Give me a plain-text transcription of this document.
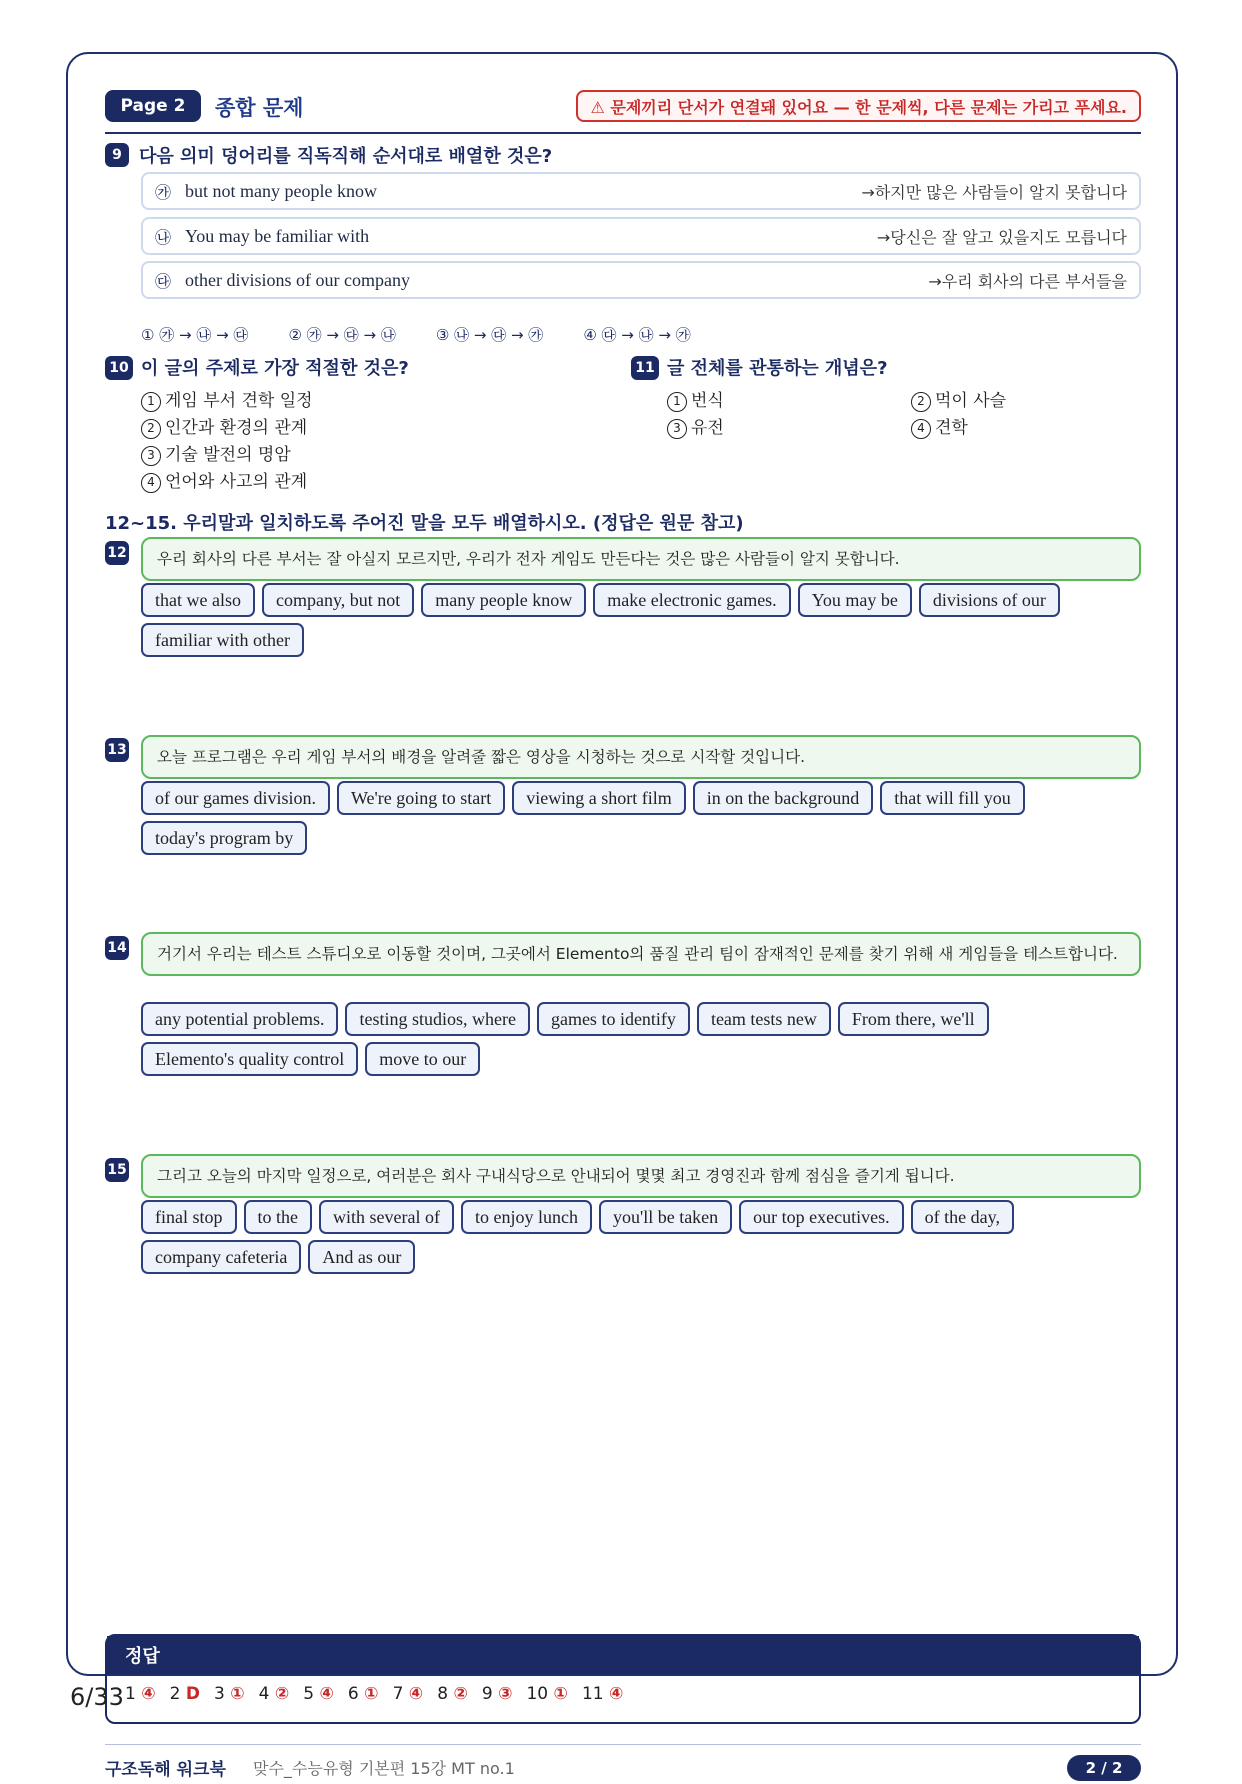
Page 2	종합 문제	⚠ 문제끼리 단서가 연결돼 있어요 — 한 문제씩, 다른 문제는 가리고 푸세요.
9 다음 의미 덩어리를 직독직해 순서대로 배열한 것은?
㉮ but not many people know	→하지만 많은 사람들이 알지 못합니다
㉯ You may be familiar with	→당신은 잘 알고 있을지도 모릅니다
㉰ other divisions of our company	→우리 회사의 다른 부서들을
① ㉮ → ㉯ → ㉰	② ㉮ → ㉰ → ㉯	③ ㉯ → ㉰ → ㉮	④ ㉰ → ㉯ → ㉮
10 이 글의 주제로 가장 적절한 것은?
1 게임 부서 견학 일정
2 인간과 환경의 관계
3 기술 발전의 명암
4 언어와 사고의 관계
11 글 전체를 관통하는 개념은?
1 번식	2 먹이 사슬
3 유전	4 견학
12~15. 우리말과 일치하도록 주어진 말을 모두 배열하시오. (정답은 원문 참고)
12	우리 회사의 다른 부서는 잘 아실지 모르지만, 우리가 전자 게임도 만든다는 것은 많은 사람들이 알지 못합니다.
that we also	company, but not	many people know	make electronic games.	You may be	divisions of our
familiar with other
13	오늘 프로그램은 우리 게임 부서의 배경을 알려줄 짧은 영상을 시청하는 것으로 시작할 것입니다.
of our games division.	We're going to start	viewing a short film	in on the background	that will fill you
today's program by
14	거기서 우리는 테스트 스튜디오로 이동할 것이며, 그곳에서 Elemento의 품질 관리 팀이 잠재적인 문제를 찾기 위해 새 게임들을 테스트합니다.
any potential problems.	testing studios, where	games to identify	team tests new	From there, we'll
Elemento's quality control	move to our
15	그리고 오늘의 마지막 일정으로, 여러분은 회사 구내식당으로 안내되어 몇몇 최고 경영진과 함께 점심을 즐기게 됩니다.
final stop	to the	with several of	to enjoy lunch	you'll be taken	our top executives.	of the day,
company cafeteria	And as our
정답
1 ④ 2 D 3 ① 4 ② 5 ④ 6 ① 7 ④ 8 ② 9 ③ 10 ① 11 ④
구조독해 워크북 맞수_수능유형 기본편 15강 MT no.1	2 / 2
6/33
